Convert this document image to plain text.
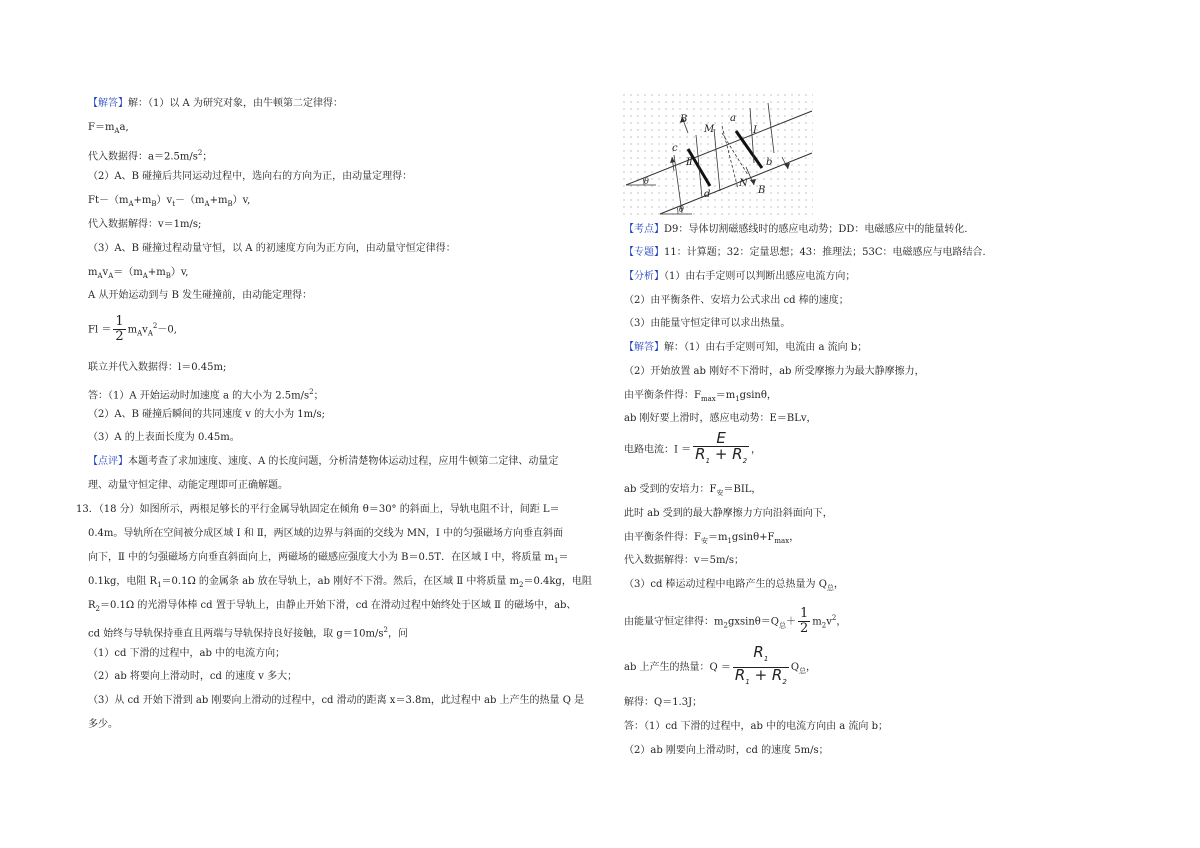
【解答】解：（1）以 A 为研究对象，由牛顿第二定律得：
$F=m_Aa$,
代入数据得：$a=2.5m/s^2$；
（2）A、B 碰撞后共同运动过程中，选向右的方向为正，由动量定理得：
$Ft-(m_A+m_B)v_t-(m_A+m_B)v$,
代入数据解得：v＝1m/s;
（3）A、B 碰撞过程动量守恒，以 A 的初速度方向为正方向，由动量守恒定律得：
$m_Av_A=(m_A+m_B)v$,
A 从开始运动到与 B 发生碰撞前，由动能定理得：
$Fl = \frac{1}{2} m_Av_A^2-0$,
联立并代入数据得：l＝0.45m;
答：（1）A 开始运动时加速度 a 的大小为 $2.5m/s^2$；
（2）A、B 碰撞后瞬间的共同速度 v 的大小为 1m/s;
（3）A 的上表面长度为 0.45m。
【点评】本题考查了求加速度、速度、A 的长度问题，分析清楚物体运动过程，应用牛顿第二定律、动量定
理、动量守恒定律、动能定理即可正确解题。
13．（18 分）如图所示，两根足够长的平行金属导轨固定在倾角 θ＝30° 的斜面上，导轨电阻不计，间距 L＝
0.4m。导轨所在空间被分成区域 Ⅰ 和 Ⅱ，两区域的边界与斜面的交线为 MN，Ⅰ 中的匀强磁场方向垂直斜面
向下，Ⅱ 中的匀强磁场方向垂直斜面向上，两磁场的磁感应强度大小为 B＝0.5T．在区域 Ⅰ 中，将质量 $m_1=$
0.1kg，电阻 $R_1=0.1\Omega$ 的金属条 ab 放在导轨上，ab 刚好不下滑。然后，在区域 Ⅱ 中将质量 $m_2=0.4kg$，电阻
$R_2=0.1\Omega$ 的光滑导体棒 cd 置于导轨上，由静止开始下滑，cd 在滑动过程中始终处于区域 Ⅱ 的磁场中，ab、
cd 始终与导轨保持垂直且两端与导轨保持良好接触，取 $g=10m/s^2$，问
（1）cd 下滑的过程中，ab 中的电流方向；
（2）ab 将要向上滑动时，cd 的速度 v 多大；
（3）从 cd 开始下滑到 ab 刚要向上滑动的过程中，cd 滑动的距离 x＝3.8m，此过程中 ab 上产生的热量 Q 是
多少。
B
M
a
Ⅰ
c
Ⅱ	b
N
B
d
θ
θ
【考点】D9：导体切割磁感线时的感应电动势；DD：电磁感应中的能量转化．
【专题】11：计算题；32：定量思想；43：推理法；53C：电磁感应与电路结合．
【分析】（1）由右手定则可以判断出感应电流方向；
（2）由平衡条件、安培力公式求出 cd 棒的速度；
（3）由能量守恒定律可以求出热量。
【解答】解：（1）由右手定则可知，电流由 a 流向 b；
（2）开始放置 ab 刚好不下滑时，ab 所受摩擦力为最大静摩擦力，
由平衡条件得：$F_{max}=m_1gsin\theta$，
ab 刚好要上滑时，感应电动势：E＝BLv，
电路电流：$I = \frac{E}{R_1 + R_2}$ ，
ab 受到的安培力：$F_安=BIL$，
此时 ab 受到的最大静摩擦力方向沿斜面向下，
由平衡条件得：$F_安=m_1gsin\theta+F_{max}$，
代入数据解得：v＝5m/s；
（3）cd 棒运动过程中电路产生的总热量为 $Q_总$，
由能量守恒定律得：$m_2gxsin\theta=Q_总+ \frac{1}{2} m_2v^2$，
ab 上产生的热量：$Q = \frac{R_1}{R_1 + R_2} Q_总$，
解得：Q＝1.3J；
答：（1）cd 下滑的过程中，ab 中的电流方向由 a 流向 b；
（2）ab 刚要向上滑动时，cd 的速度 5m/s；
